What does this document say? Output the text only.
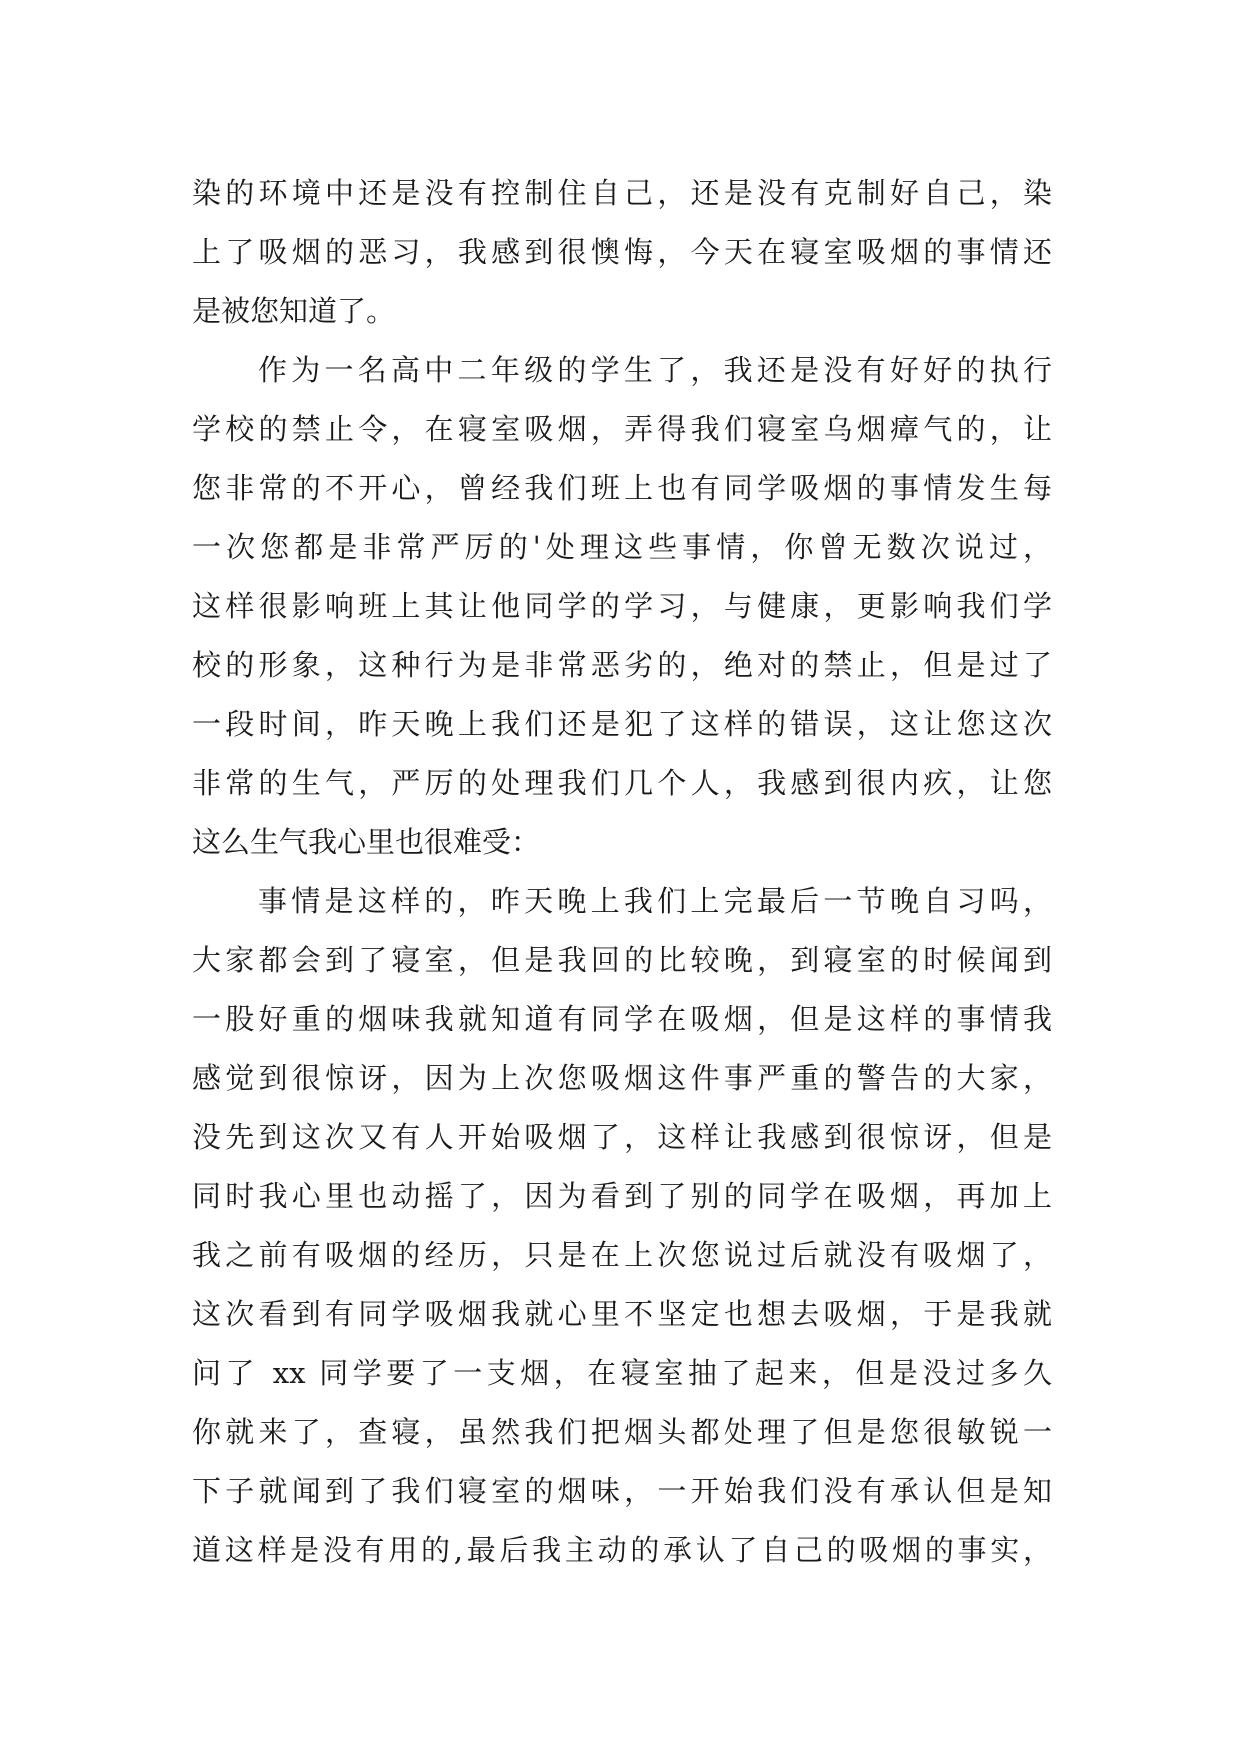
染的环境中还是没有控制住自己，还是没有克制好自己，染
上了吸烟的恶习，我感到很懊悔，今天在寝室吸烟的事情还
是被您知道了。
作为一名高中二年级的学生了，我还是没有好好的执行
学校的禁止令，在寝室吸烟，弄得我们寝室乌烟瘴气的，让
您非常的不开心，曾经我们班上也有同学吸烟的事情发生每
一次您都是非常严厉的'处理这些事情，你曾无数次说过，
这样很影响班上其让他同学的学习，与健康，更影响我们学
校的形象，这种行为是非常恶劣的，绝对的禁止，但是过了
一段时间，昨天晚上我们还是犯了这样的错误，这让您这次
非常的生气，严厉的处理我们几个人，我感到很内疚，让您
这么生气我心里也很难受：
事情是这样的，昨天晚上我们上完最后一节晚自习吗，
大家都会到了寝室，但是我回的比较晚，到寝室的时候闻到
一股好重的烟味我就知道有同学在吸烟，但是这样的事情我
感觉到很惊讶，因为上次您吸烟这件事严重的警告的大家，
没先到这次又有人开始吸烟了，这样让我感到很惊讶，但是
同时我心里也动摇了，因为看到了别的同学在吸烟，再加上
我之前有吸烟的经历，只是在上次您说过后就没有吸烟了，
这次看到有同学吸烟我就心里不坚定也想去吸烟，于是我就
问了 xx 同学要了一支烟，在寝室抽了起来，但是没过多久
你就来了，查寝，虽然我们把烟头都处理了但是您很敏锐一
下子就闻到了我们寝室的烟味，一开始我们没有承认但是知
道这样是没有用的,最后我主动的承认了自己的吸烟的事实，
